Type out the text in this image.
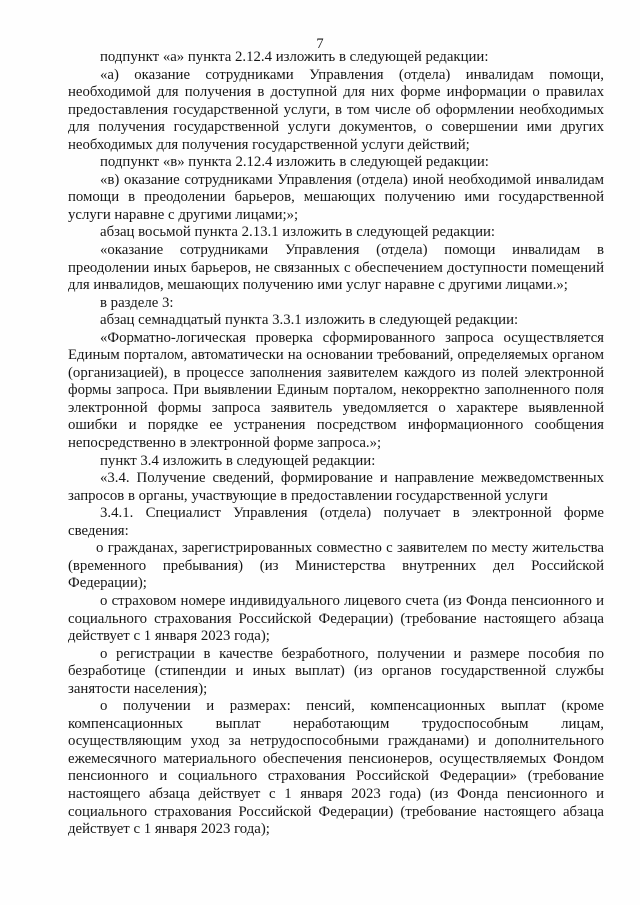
7

подпункт «а» пункта 2.12.4 изложить в следующей редакции:

«а) оказание сотрудниками Управления (отдела) инвалидам помощи, необходимой для получения в доступной для них форме информации о правилах предоставления государственной услуги, в том числе об оформлении необходимых для получения государственной услуги документов, о совершении ими других необходимых для получения государственной услуги действий;

подпункт «в» пункта 2.12.4 изложить в следующей редакции:

«в) оказание сотрудниками Управления (отдела) иной необходимой инвалидам помощи в преодолении барьеров, мешающих получению ими государственной услуги наравне с другими лицами;»;

абзац восьмой пункта 2.13.1 изложить в следующей редакции:

«оказание сотрудниками Управления (отдела) помощи инвалидам в преодолении иных барьеров, не связанных с обеспечением доступности помещений для инвалидов, мешающих получению ими услуг наравне с другими лицами.»;

в разделе 3:

абзац семнадцатый пункта 3.3.1 изложить в следующей редакции:

«Форматно-логическая проверка сформированного запроса осуществляется Единым порталом, автоматически на основании требований, определяемых органом (организацией), в процессе заполнения заявителем каждого из полей электронной формы запроса. При выявлении Единым порталом, некорректно заполненного поля электронной формы запроса заявитель уведомляется о характере выявленной ошибки и порядке ее устранения посредством информационного сообщения непосредственно в электронной форме запроса.»;

пункт 3.4 изложить в следующей редакции:

«3.4. Получение сведений, формирование и направление межведомственных запросов в органы, участвующие в предоставлении государственной услуги

3.4.1. Специалист Управления (отдела) получает в электронной форме сведения:

о гражданах, зарегистрированных совместно с заявителем по месту жительства (временного пребывания) (из Министерства внутренних дел Российской Федерации);

о страховом номере индивидуального лицевого счета (из Фонда пенсионного и социального страхования Российской Федерации) (требование настоящего абзаца действует с 1 января 2023 года);

о регистрации в качестве безработного, получении и размере пособия по безработице (стипендии и иных выплат) (из органов государственной службы занятости населения);

о получении и размерах: пенсий, компенсационных выплат (кроме компенсационных выплат неработающим трудоспособным лицам, осуществляющим уход за нетрудоспособными гражданами) и дополнительного ежемесячного материального обеспечения пенсионеров, осуществляемых Фондом пенсионного и социального страхования Российской Федерации» (требование настоящего абзаца действует с 1 января 2023 года) (из Фонда пенсионного и социального страхования Российской Федерации) (требование настоящего абзаца действует с 1 января 2023 года);
